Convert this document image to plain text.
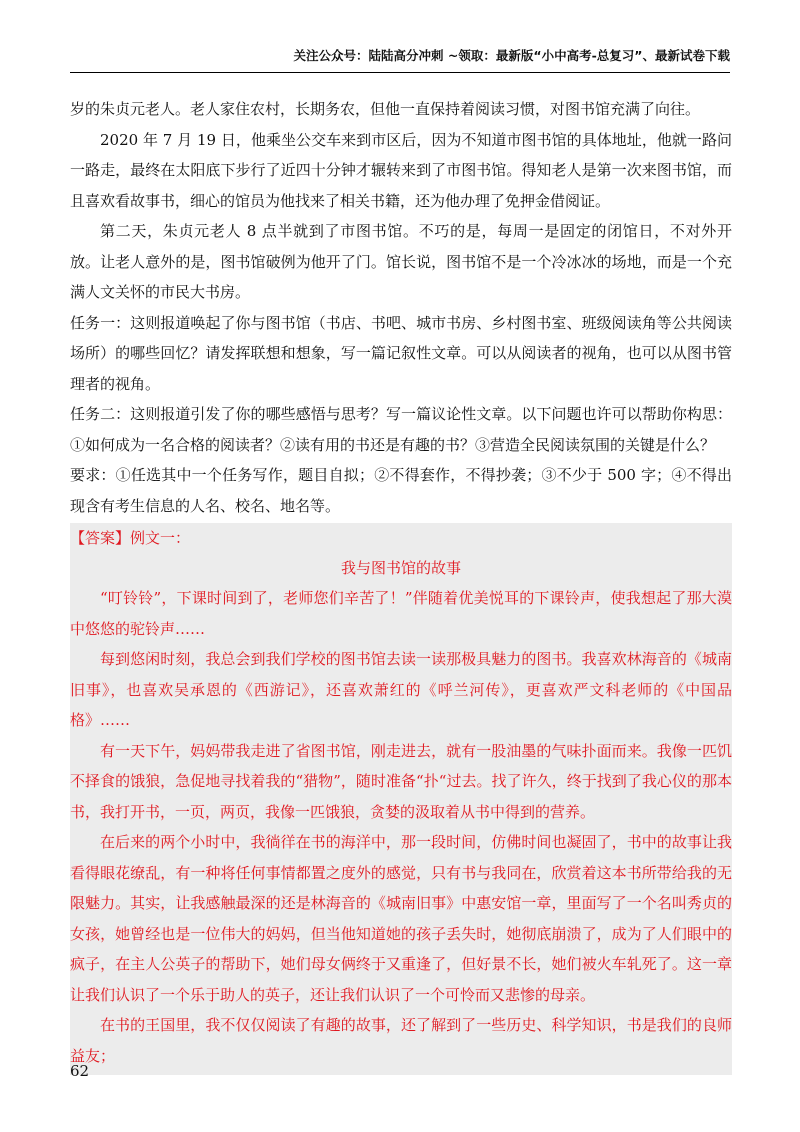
关注公众号：陆陆高分冲刺 ~领取：最新版“小中高考-总复习”、最新试卷下载

岁的朱贞元老人。老人家住农村，长期务农，但他一直保持着阅读习惯，对图书馆充满了向往。

2020 年 7 月 19 日，他乘坐公交车来到市区后，因为不知道市图书馆的具体地址，他就一路问一路走，最终在太阳底下步行了近四十分钟才辗转来到了市图书馆。得知老人是第一次来图书馆，而且喜欢看故事书，细心的馆员为他找来了相关书籍，还为他办理了免押金借阅证。

第二天，朱贞元老人 8 点半就到了市图书馆。不巧的是，每周一是固定的闭馆日，不对外开放。让老人意外的是，图书馆破例为他开了门。馆长说，图书馆不是一个冷冰冰的场地，而是一个充满人文关怀的市民大书房。

任务一：这则报道唤起了你与图书馆（书店、书吧、城市书房、乡村图书室、班级阅读角等公共阅读场所）的哪些回忆？请发挥联想和想象，写一篇记叙性文章。可以从阅读者的视角，也可以从图书管理者的视角。

任务二：这则报道引发了你的哪些感悟与思考？写一篇议论性文章。以下问题也许可以帮助你构思：①如何成为一名合格的阅读者？②读有用的书还是有趣的书？③营造全民阅读氛围的关键是什么？

要求：①任选其中一个任务写作，题目自拟；②不得套作，不得抄袭；③不少于 500 字；④不得出现含有考生信息的人名、校名、地名等。

【答案】例文一：

我与图书馆的故事

“叮铃铃”，下课时间到了，老师您们辛苦了！”伴随着优美悦耳的下课铃声，使我想起了那大漠中悠悠的驼铃声……

每到悠闲时刻，我总会到我们学校的图书馆去读一读那极具魅力的图书。我喜欢林海音的《城南旧事》，也喜欢吴承恩的《西游记》，还喜欢萧红的《呼兰河传》，更喜欢严文科老师的《中国品格》……

有一天下午，妈妈带我走进了省图书馆，刚走进去，就有一股油墨的气味扑面而来。我像一匹饥不择食的饿狼，急促地寻找着我的“猎物”，随时准备“扑“过去。找了许久，终于找到了我心仪的那本书，我打开书，一页，两页，我像一匹饿狼，贪婪的汲取着从书中得到的营养。

在后来的两个小时中，我徜徉在书的海洋中，那一段时间，仿佛时间也凝固了，书中的故事让我看得眼花缭乱，有一种将任何事情都置之度外的感觉，只有书与我同在，欣赏着这本书所带给我的无限魅力。其实，让我感触最深的还是林海音的《城南旧事》中惠安馆一章，里面写了一个名叫秀贞的女孩，她曾经也是一位伟大的妈妈，但当他知道她的孩子丢失时，她彻底崩溃了，成为了人们眼中的疯子，在主人公英子的帮助下，她们母女俩终于又重逢了，但好景不长，她们被火车轧死了。这一章让我们认识了一个乐于助人的英子，还让我们认识了一个可怜而又悲惨的母亲。

在书的王国里，我不仅仅阅读了有趣的故事，还了解到了一些历史、科学知识，书是我们的良师益友；

62
